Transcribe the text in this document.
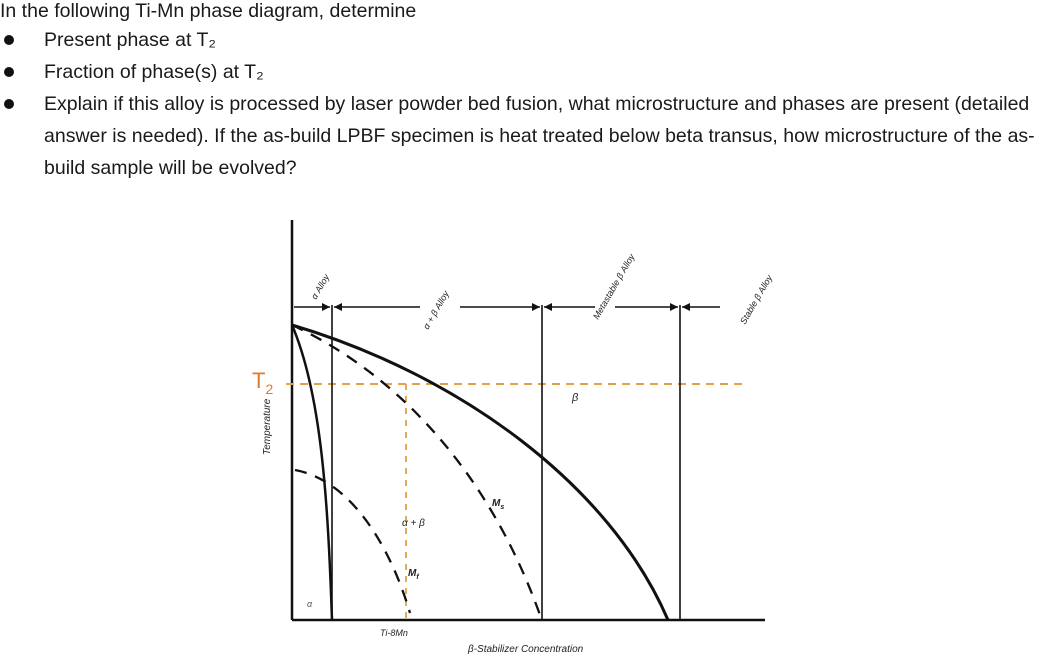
In the following Ti-Mn phase diagram, determine

Present phase at T₂
Fraction of phase(s) at T₂
Explain if this alloy is processed by laser powder bed fusion, what microstructure and phases are present (detailed answer is needed). If the as-build LPBF specimen is heat treated below beta transus, how microstructure of the as-build sample will be evolved?
$T_2$
α Alloy
α + β Alloy	Metastable β Alloy	Stable β Alloy
β
α + β
α
$M_s$
$M_f$
Temperature
Ti-8Mn
β-Stabilizer Concentration
